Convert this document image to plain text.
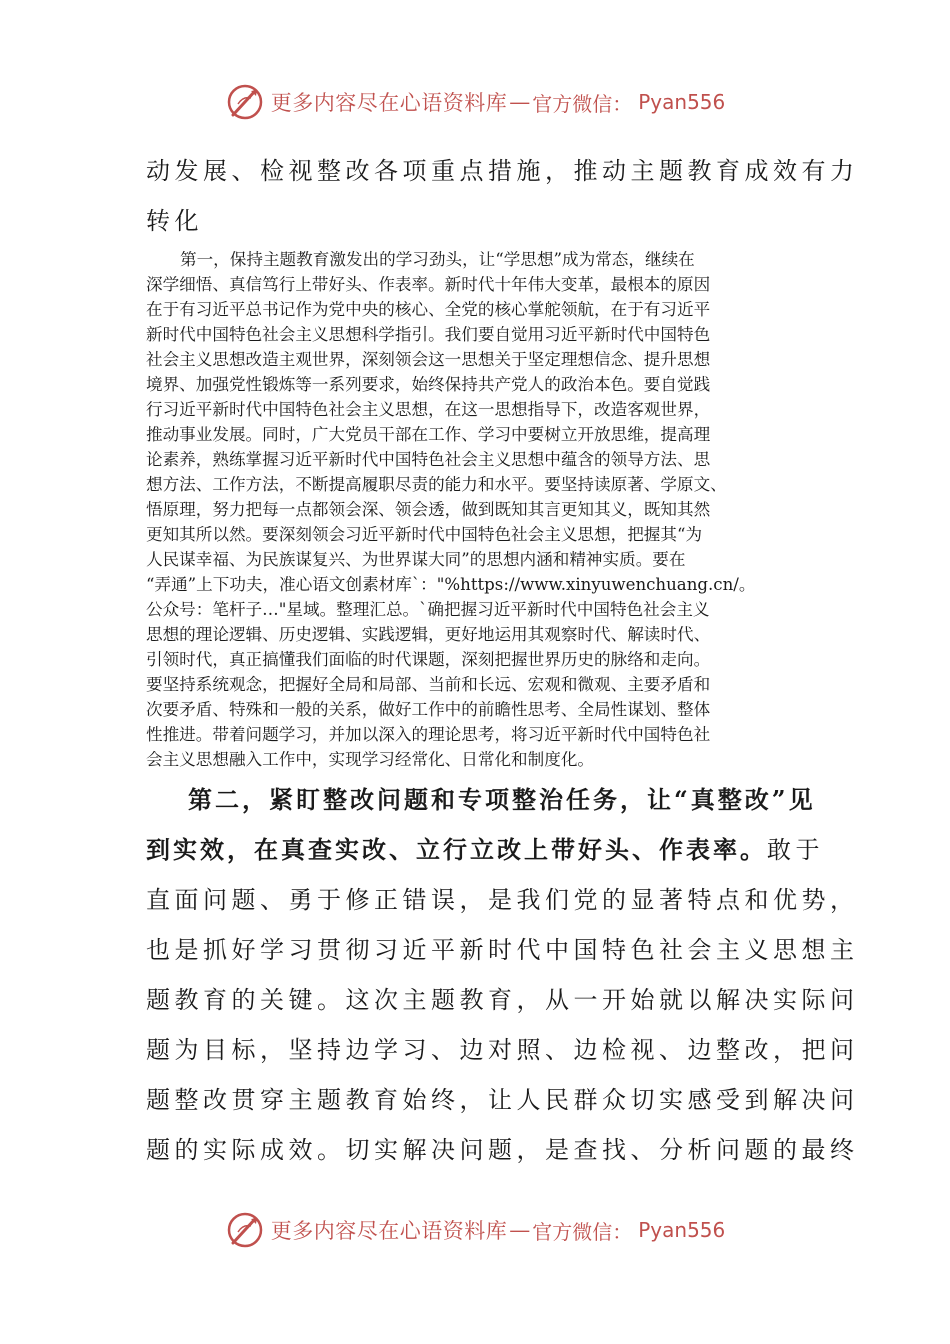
更多内容尽在心语资料库 — 官方微信： Pyan556
动发展、检视整改各项重点措施，推动主题教育成效有力
转化
第一，保持主题教育激发出的学习劲头，让“学思想”成为常态，继续在
深学细悟、真信笃行上带好头、作表率。新时代十年伟大变革，最根本的原因
在于有习近平总书记作为党中央的核心、全党的核心掌舵领航，在于有习近平
新时代中国特色社会主义思想科学指引。我们要自觉用习近平新时代中国特色
社会主义思想改造主观世界，深刻领会这一思想关于坚定理想信念、提升思想
境界、加强党性锻炼等一系列要求，始终保持共产党人的政治本色。要自觉践
行习近平新时代中国特色社会主义思想，在这一思想指导下，改造客观世界，
推动事业发展。同时，广大党员干部在工作、学习中要树立开放思维，提高理
论素养，熟练掌握习近平新时代中国特色社会主义思想中蕴含的领导方法、思
想方法、工作方法，不断提高履职尽责的能力和水平。要坚持读原著、学原文、
悟原理，努力把每一点都领会深、领会透，做到既知其言更知其义，既知其然
更知其所以然。要深刻领会习近平新时代中国特色社会主义思想，把握其“为
人民谋幸福、为民族谋复兴、为世界谋大同”的思想内涵和精神实质。要在
“弄通”上下功夫，准心语文创素材库`："%https://www.xinyuwenchuang.cn/。
公众号：笔杆子…"星域。整理汇总。`确把握习近平新时代中国特色社会主义
思想的理论逻辑、历史逻辑、实践逻辑，更好地运用其观察时代、解读时代、
引领时代，真正搞懂我们面临的时代课题，深刻把握世界历史的脉络和走向。
要坚持系统观念，把握好全局和局部、当前和长远、宏观和微观、主要矛盾和
次要矛盾、特殊和一般的关系，做好工作中的前瞻性思考、全局性谋划、整体
性推进。带着问题学习，并加以深入的理论思考，将习近平新时代中国特色社
会主义思想融入工作中，实现学习经常化、日常化和制度化。
第二，紧盯整改问题和专项整治任务，让“真整改”见
到实效，在真查实改、立行立改上带好头、作表率。敢于
直面问题、勇于修正错误，是我们党的显著特点和优势，
也是抓好学习贯彻习近平新时代中国特色社会主义思想主
题教育的关键。这次主题教育，从一开始就以解决实际问
题为目标，坚持边学习、边对照、边检视、边整改，把问
题整改贯穿主题教育始终，让人民群众切实感受到解决问
题的实际成效。切实解决问题，是查找、分析问题的最终
更多内容尽在心语资料库 — 官方微信： Pyan556
